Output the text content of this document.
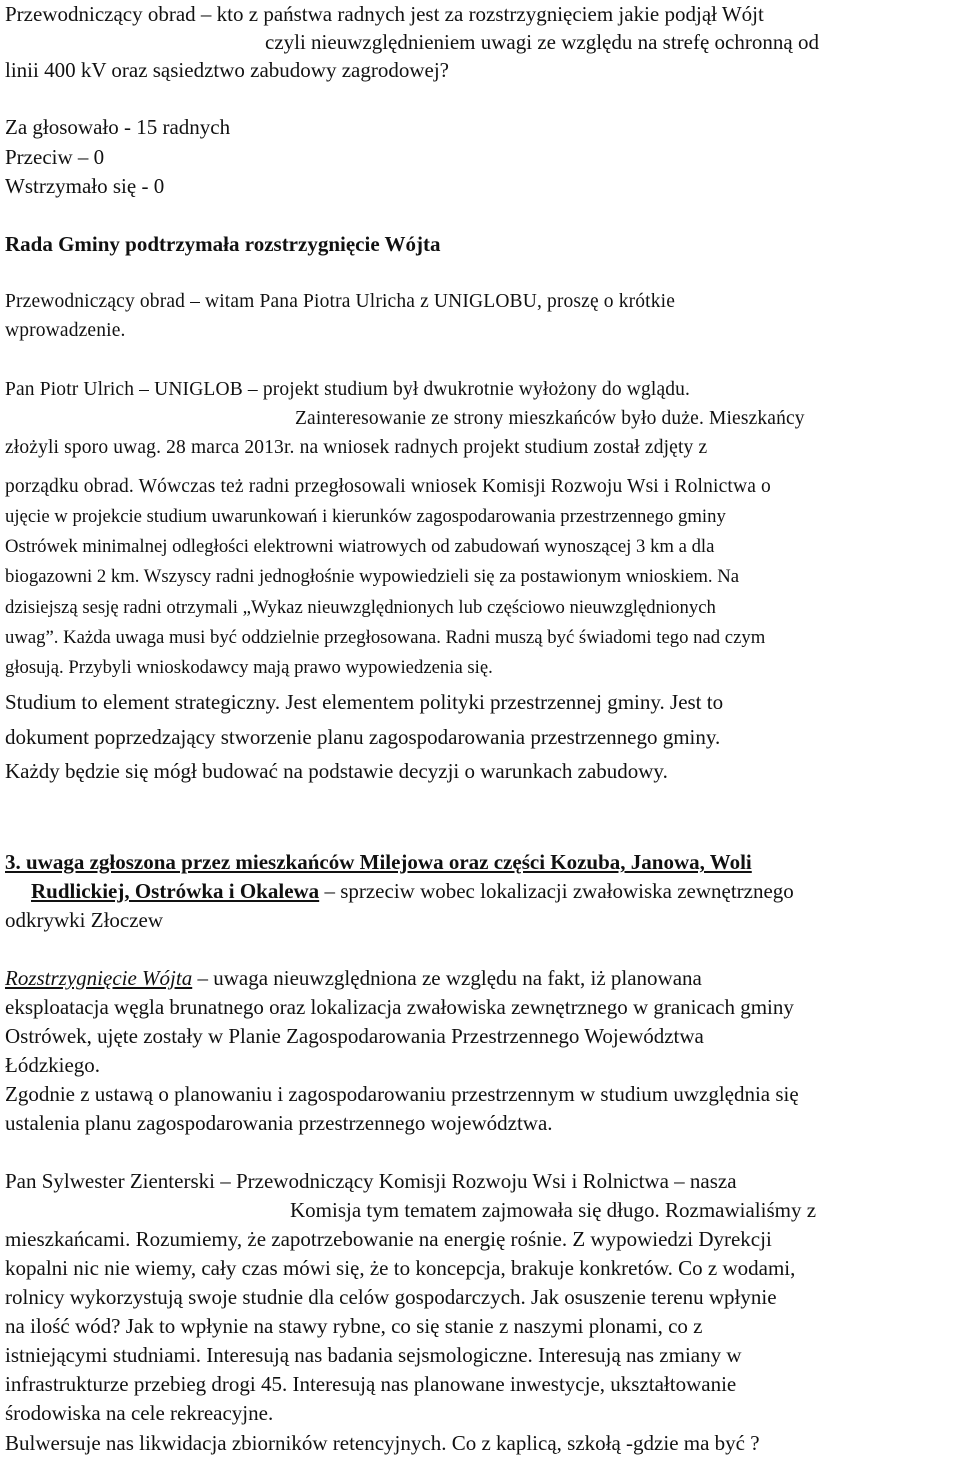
Przewodniczący obrad – kto z państwa radnych jest za rozstrzygnięciem jakie podjął Wójt

czyli nieuwzględnieniem uwagi ze względu na strefę ochronną od

linii 400 kV oraz sąsiedztwo zabudowy zagrodowej?

Za głosowało - 15 radnych

Przeciw – 0

Wstrzymało się - 0

Rada Gminy podtrzymała rozstrzygnięcie Wójta

Przewodniczący obrad – witam Pana Piotra Ulricha z UNIGLOBU, proszę o krótkie

wprowadzenie.

Pan Piotr Ulrich – UNIGLOB – projekt studium był dwukrotnie wyłożony do wglądu.

Zainteresowanie ze strony mieszkańców było duże. Mieszkańcy

złożyli sporo uwag. 28 marca 2013r. na wniosek radnych projekt studium został zdjęty z

porządku obrad. Wówczas też radni przegłosowali wniosek Komisji Rozwoju Wsi i Rolnictwa o

ujęcie w projekcie studium uwarunkowań i kierunków zagospodarowania przestrzennego gminy

Ostrówek minimalnej odległości elektrowni wiatrowych od zabudowań wynoszącej 3 km a dla

biogazowni 2 km. Wszyscy radni jednogłośnie wypowiedzieli się za postawionym wnioskiem. Na

dzisiejszą sesję radni otrzymali „Wykaz nieuwzględnionych lub częściowo nieuwzględnionych

uwag”. Każda uwaga musi być oddzielnie przegłosowana. Radni muszą być świadomi tego nad czym

głosują. Przybyli wnioskodawcy mają prawo wypowiedzenia się.

Studium to element strategiczny. Jest elementem polityki przestrzennej gminy. Jest to

dokument poprzedzający stworzenie planu zagospodarowania przestrzennego gminy.

Każdy będzie się mógł budować na podstawie decyzji o warunkach zabudowy.

3. uwaga zgłoszona przez mieszkańców Milejowa oraz części Kozuba, Janowa, Woli

Rudlickiej, Ostrówka i Okalewa – sprzeciw wobec lokalizacji zwałowiska zewnętrznego

odkrywki Złoczew

Rozstrzygnięcie Wójta – uwaga nieuwzględniona ze względu na fakt, iż planowana

eksploatacja węgla brunatnego oraz lokalizacja zwałowiska zewnętrznego w granicach gminy

Ostrówek, ujęte zostały w Planie Zagospodarowania Przestrzennego Województwa

Łódzkiego.

Zgodnie z ustawą o planowaniu i zagospodarowaniu przestrzennym w studium uwzględnia się

ustalenia planu zagospodarowania przestrzennego województwa.

Pan Sylwester Zienterski – Przewodniczący Komisji Rozwoju Wsi i Rolnictwa – nasza

Komisja tym tematem zajmowała się długo. Rozmawialiśmy z

mieszkańcami. Rozumiemy, że zapotrzebowanie na energię rośnie. Z wypowiedzi Dyrekcji

kopalni nic nie wiemy, cały czas mówi się, że to koncepcja, brakuje konkretów. Co z wodami,

rolnicy wykorzystują swoje studnie dla celów gospodarczych. Jak osuszenie terenu wpłynie

na ilość wód? Jak to wpłynie na stawy rybne, co się stanie z naszymi plonami, co z

istniejącymi studniami. Interesują nas badania sejsmologiczne. Interesują nas zmiany w

infrastrukturze przebieg drogi 45. Interesują nas planowane inwestycje, ukształtowanie

środowiska na cele rekreacyjne.

Bulwersuje nas likwidacja zbiorników retencyjnych. Co z kaplicą, szkołą -gdzie ma być ?
